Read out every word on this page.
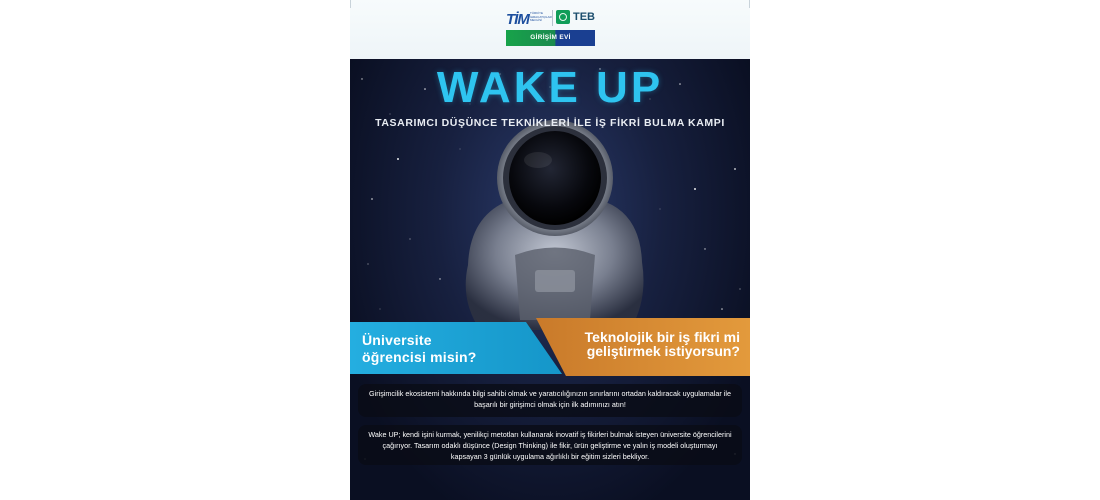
TİM TÜRKİYE İHRACATÇILAR MECLİSİ	TEB
GİRİŞİM EVİ
WAKE UP
TASARIMCI DÜŞÜNCE TEKNİKLERİ İLE İŞ FİKRİ BULMA KAMPI
Üniversite öğrencisi misin?
Teknolojik bir iş fikri mi geliştirmek istiyorsun?
Girişimcilik ekosistemi hakkında bilgi sahibi olmak ve yaratıcılığınızın sınırlarını ortadan kaldıracak uygulamalar ile başarılı bir girişimci olmak için ilk adımınızı atın!
Wake UP; kendi işini kurmak, yenilikçi metotları kullanarak inovatif iş fikirleri bulmak isteyen üniversite öğrencilerini çağırıyor. Tasarım odaklı düşünce (Design Thinking) ile fikir, ürün geliştirme ve yalın iş modeli oluşturmayı kapsayan 3 günlük uygulama ağırlıklı bir eğitim sizleri bekliyor.
